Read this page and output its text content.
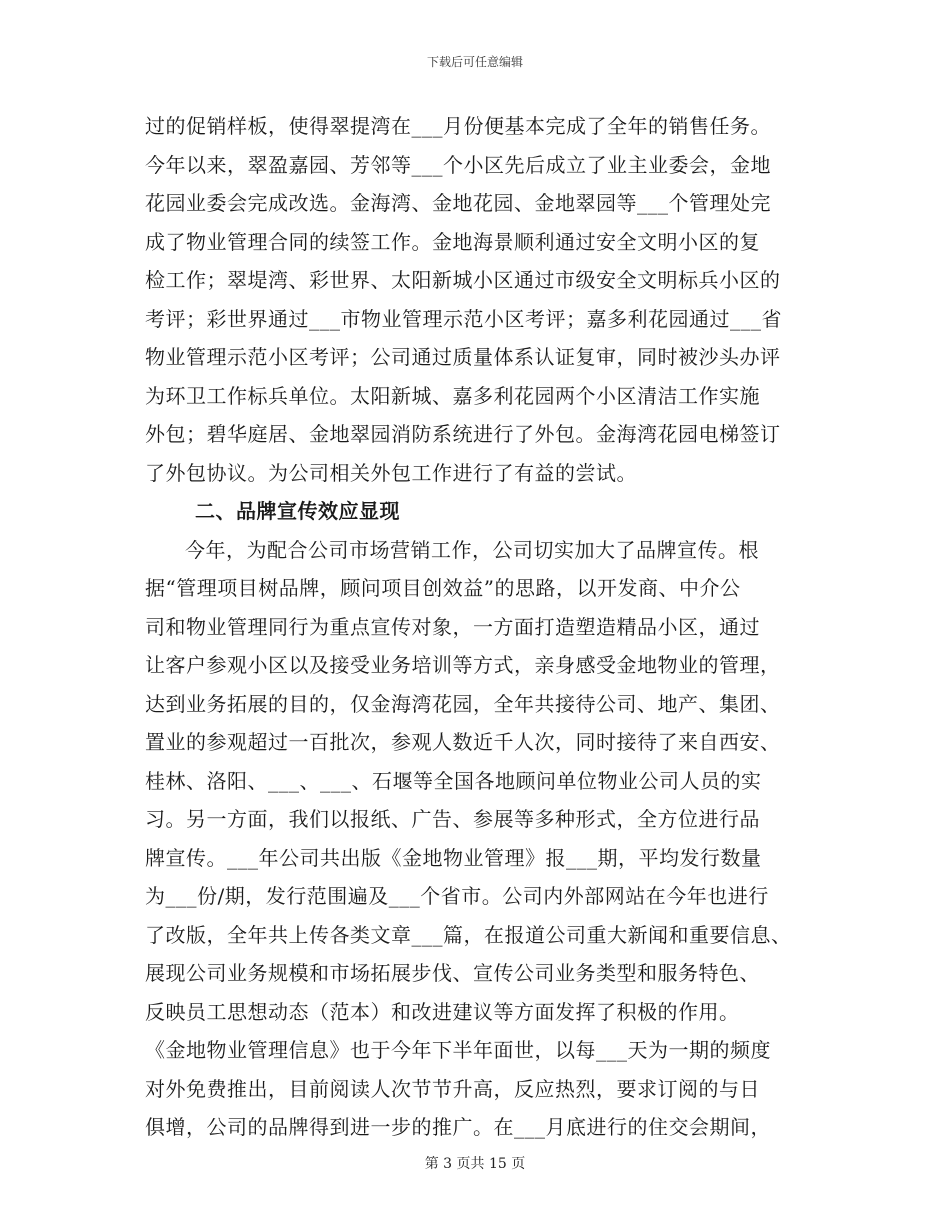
下载后可任意编辑
过的促销样板，使得翠提湾在___月份便基本完成了全年的销售任务。
今年以来，翠盈嘉园、芳邻等___个小区先后成立了业主业委会，金地
花园业委会完成改选。金海湾、金地花园、金地翠园等___个管理处完
成了物业管理合同的续签工作。金地海景顺利通过安全文明小区的复
检工作；翠堤湾、彩世界、太阳新城小区通过市级安全文明标兵小区的
考评；彩世界通过___市物业管理示范小区考评；嘉多利花园通过___省
物业管理示范小区考评；公司通过质量体系认证复审，同时被沙头办评
为环卫工作标兵单位。太阳新城、嘉多利花园两个小区清洁工作实施
外包；碧华庭居、金地翠园消防系统进行了外包。金海湾花园电梯签订
了外包协议。为公司相关外包工作进行了有益的尝试。
二、品牌宣传效应显现
今年，为配合公司市场营销工作，公司切实加大了品牌宣传。根
据“管理项目树品牌，顾问项目创效益”的思路，以开发商、中介公
司和物业管理同行为重点宣传对象，一方面打造塑造精品小区，通过
让客户参观小区以及接受业务培训等方式，亲身感受金地物业的管理，
达到业务拓展的目的，仅金海湾花园，全年共接待公司、地产、集团、
置业的参观超过一百批次，参观人数近千人次，同时接待了来自西安、
桂林、洛阳、___、___、石堰等全国各地顾问单位物业公司人员的实
习。另一方面，我们以报纸、广告、参展等多种形式，全方位进行品
牌宣传。___年公司共出版《金地物业管理》报___期，平均发行数量
为___份/期，发行范围遍及___个省市。公司内外部网站在今年也进行
了改版，全年共上传各类文章___篇，在报道公司重大新闻和重要信息、
展现公司业务规模和市场拓展步伐、宣传公司业务类型和服务特色、
反映员工思想动态（范本）和改进建议等方面发挥了积极的作用。
《金地物业管理信息》也于今年下半年面世，以每___天为一期的频度
对外免费推出，目前阅读人次节节升高，反应热烈，要求订阅的与日
俱增，公司的品牌得到进一步的推广。在___月底进行的住交会期间，
第 3 页共 15 页
